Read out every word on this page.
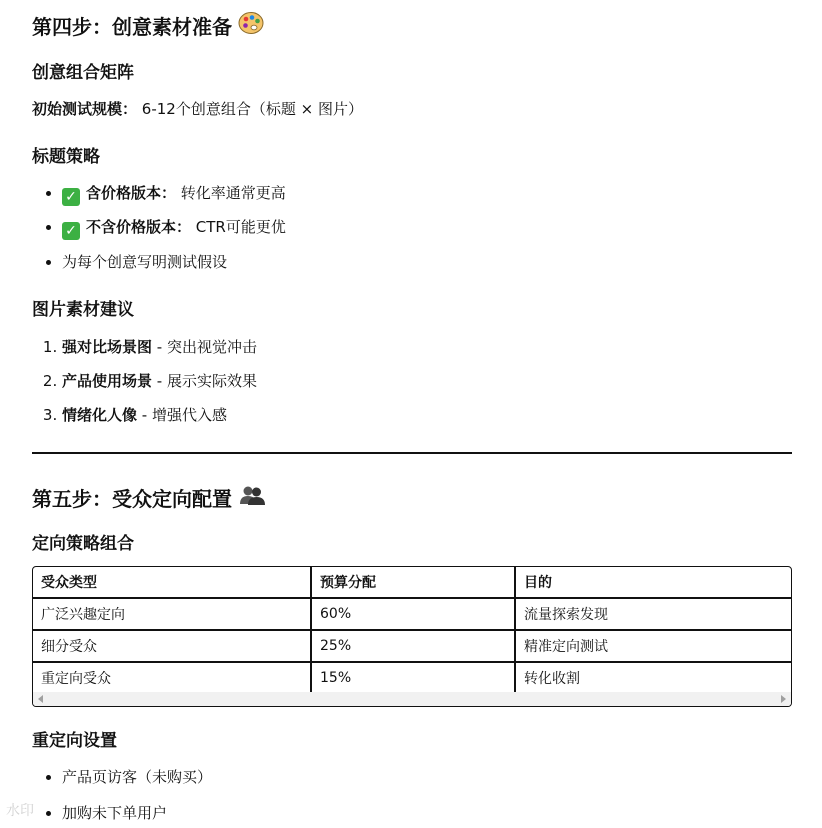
第四步：创意素材准备
创意组合矩阵

初始测试规模： 6-12个创意组合（标题 × 图片）

标题策略
• ✓ 含价格版本： 转化率通常更高
• ✓ 不含价格版本： CTR可能更优
• 为每个创意写明测试假设
图片素材建议
1. 强对比场景图 - 突出视觉冲击
2. 产品使用场景 - 展示实际效果
3. 情绪化人像 - 增强代入感
第五步：受众定向配置
定向策略组合
受众类型	预算分配	目的
广泛兴趣定向	60%	流量探索发现
细分受众	25%	精准定向测试
重定向受众	15%	转化收割
重定向设置
• 产品页访客（未购买）
• 加购未下单用户
水印
